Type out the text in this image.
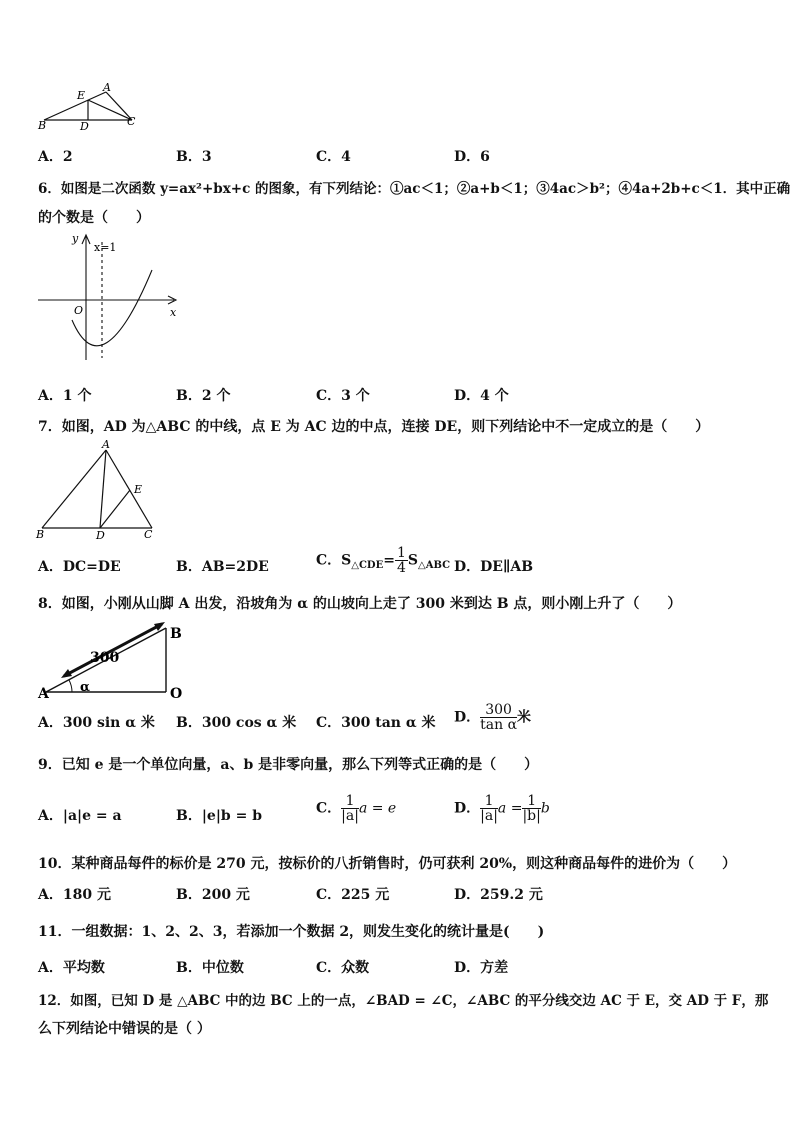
A
E
B	D	C
A．2	B．3	C．4	D．6
6．如图是二次函数 y=ax²+bx+c 的图象，有下列结论：①ac＜1；②a+b＜1；③4ac＞b²；④4a+2b+c＜1．其中正确
的个数是（　　）
y
x=1
x
O
A．1 个	B．2 个	C．3 个	D．4 个
7．如图，AD 为△ABC 的中线，点 E 为 AC 边的中点，连接 DE，则下列结论中不一定成立的是（　　）
A
E
B	D	C
A．DC=DE	B．AB=2DE	C．$S_{\triangle CDE}= \frac{1}{4} S_{\triangle ABC}$ D．DE∥AB
8．如图，小刚从山脚 A 出发，沿坡角为 α 的山坡向上走了 300 米到达 B 点，则小刚上升了（　　）
B
300
A α	O
A．300 sin α 米 B．300 cos α 米 C．300 tan α 米 D． $\frac{300}{\text{tan α}}$ 米
9．已知 e 是一个单位向量，a、b 是非零向量，那么下列等式正确的是（　　）
A．|a|e = a	B．|e|b = b	C． $\frac{1}{|a|}$ a = e	D． $\frac{1}{|a|}$ $a = \frac{1}{|b|}$ b
10．某种商品每件的标价是 270 元，按标价的八折销售时，仍可获利 20%，则这种商品每件的进价为（　　）
A．180 元	B．200 元	C．225 元	D．259.2 元
11．一组数据：1、2、2、3，若添加一个数据 2，则发生变化的统计量是(　　)
A．平均数	B．中位数	C．众数	D．方差
12．如图，已知 D 是 △ABC 中的边 BC 上的一点，∠BAD = ∠C，∠ABC 的平分线交边 AC 于 E，交 AD 于 F，那
么下列结论中错误的是（ ）
